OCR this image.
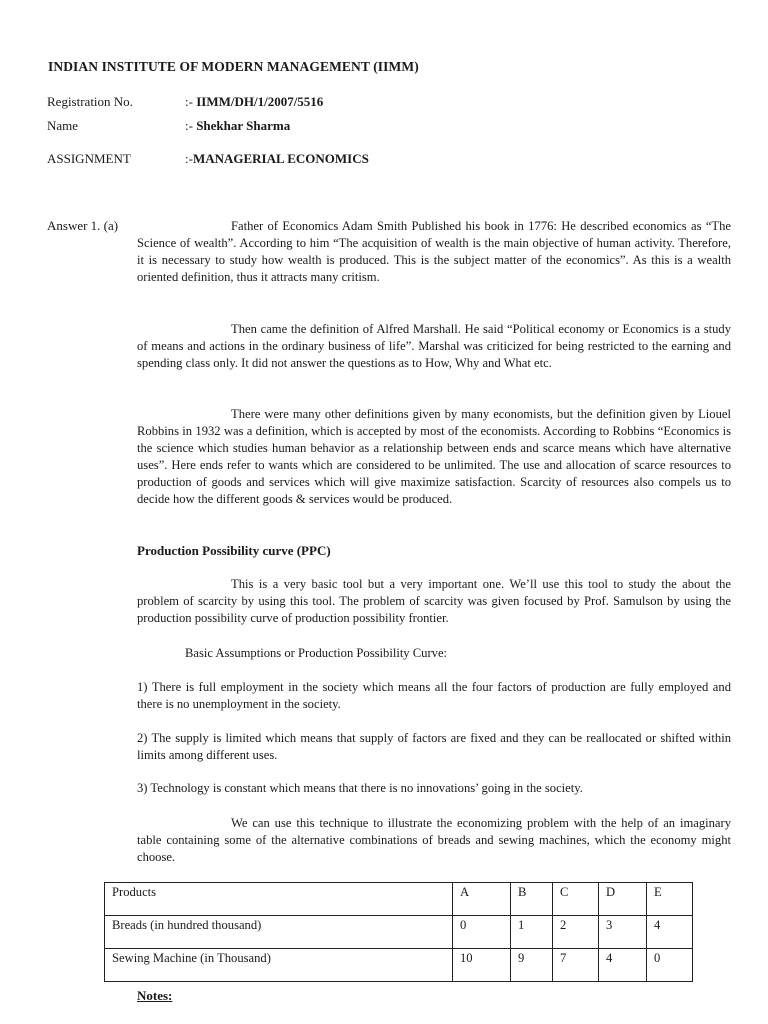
INDIAN INSTITUTE OF MODERN MANAGEMENT (IIMM)
Registration No.	:- IIMM/DH/1/2007/5516
Name	:- Shekhar Sharma
ASSIGNMENT	:-MANAGERIAL ECONOMICS
Answer 1. (a)	Father of Economics Adam Smith Published his book in 1776: He described economics as “The Science of wealth”. According to him “The acquisition of wealth is the main objective of human activity. Therefore, it is necessary to study how wealth is produced. This is the subject matter of the economics”. As this is a wealth oriented definition, thus it attracts many critism.
Then came the definition of Alfred Marshall. He said “Political economy or Economics is a study of means and actions in the ordinary business of life”. Marshal was criticized for being restricted to the earning and spending class only. It did not answer the questions as to How, Why and What etc.
There were many other definitions given by many economists, but the definition given by Liouel Robbins in 1932 was a definition, which is accepted by most of the economists. According to Robbins “Economics is the science which studies human behavior as a relationship between ends and scarce means which have alternative uses”. Here ends refer to wants which are considered to be unlimited. The use and allocation of scarce resources to production of goods and services which will give maximize satisfaction. Scarcity of resources also compels us to decide how the different goods & services would be produced.
Production Possibility curve (PPC)
This is a very basic tool but a very important one. We’ll use this tool to study the about the problem of scarcity by using this tool. The problem of scarcity was given focused by Prof. Samulson by using the production possibility curve of production possibility frontier.
Basic Assumptions or Production Possibility Curve:
1) There is full employment in the society which means all the four factors of production are fully employed and there is no unemployment in the society.
2) The supply is limited which means that supply of factors are fixed and they can be reallocated or shifted within limits among different uses.
3) Technology is constant which means that there is no innovations’ going in the society.
We can use this technique to illustrate the economizing problem with the help of an imaginary table containing some of the alternative combinations of breads and sewing machines, which the economy might choose.
Products	A	B	C	D	E
Breads (in hundred thousand)	0	1	2	3	4
Sewing Machine (in Thousand)	10	9	7	4	0
Notes:
